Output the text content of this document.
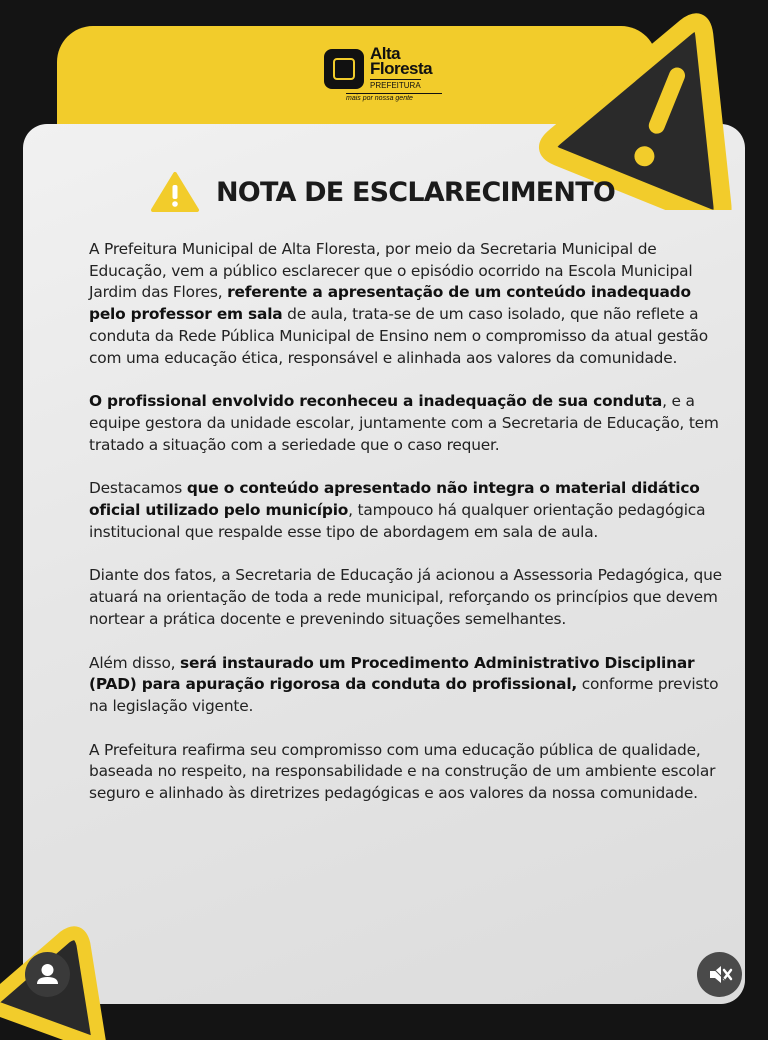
Alta
Floresta
PREFEITURA
mais por nossa gente
NOTA DE ESCLARECIMENTO

A Prefeitura Municipal de Alta Floresta, por meio da Secretaria Municipal de Educação, vem a público esclarecer que o episódio ocorrido na Escola Municipal Jardim das Flores, referente a apresentação de um conteúdo inadequado pelo professor em sala de aula, trata-se de um caso isolado, que não reflete a conduta da Rede Pública Municipal de Ensino nem o compromisso da atual gestão com uma educação ética, responsável e alinhada aos valores da comunidade.

O profissional envolvido reconheceu a inadequação de sua conduta, e a equipe gestora da unidade escolar, juntamente com a Secretaria de Educação, tem tratado a situação com a seriedade que o caso requer.

Destacamos que o conteúdo apresentado não integra o material didático oficial utilizado pelo município, tampouco há qualquer orientação pedagógica institucional que respalde esse tipo de abordagem em sala de aula.

Diante dos fatos, a Secretaria de Educação já acionou a Assessoria Pedagógica, que atuará na orientação de toda a rede municipal, reforçando os princípios que devem nortear a prática docente e prevenindo situações semelhantes.

Além disso, será instaurado um Procedimento Administrativo Disciplinar (PAD) para apuração rigorosa da conduta do profissional, conforme previsto na legislação vigente.

A Prefeitura reafirma seu compromisso com uma educação pública de qualidade, baseada no respeito, na responsabilidade e na construção de um ambiente escolar seguro e alinhado às diretrizes pedagógicas e aos valores da nossa comunidade.
